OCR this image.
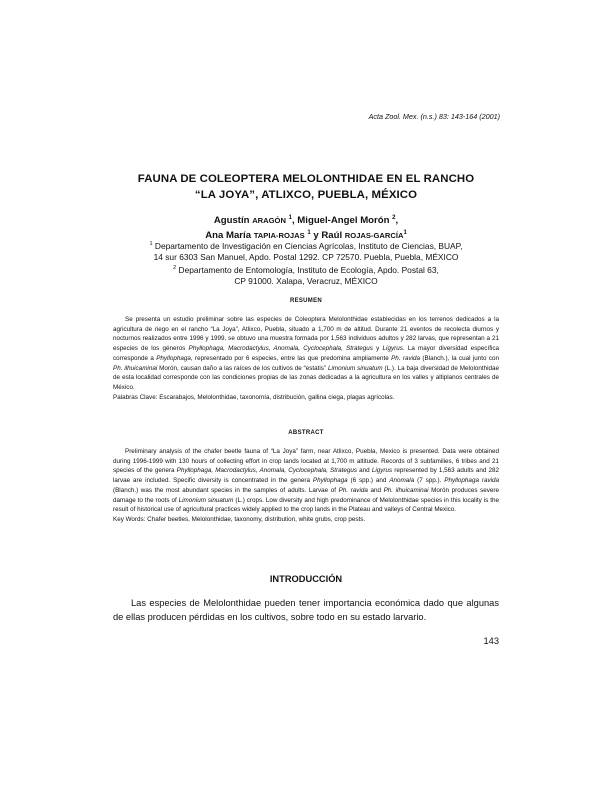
Acta Zool. Mex. (n.s.) 83: 143-164 (2001)
FAUNA DE COLEOPTERA MELOLONTHIDAE EN EL RANCHO
“LA JOYA”, ATLIXCO, PUEBLA, MÉXICO
Agustín ARAGÓN $^1$, Miguel-Angel Morón $^2$,
Ana María TAPIA-ROJAS $^1$ y Raúl ROJAS-GARCÍA$^1$
$^1$ Departamento de Investigación en Ciencias Agrícolas, Instituto de Ciencias, BUAP,
14 sur 6303 San Manuel, Apdo. Postal 1292. CP 72570. Puebla, Puebla, MÉXICO
$^2$ Departamento de Entomología, Instituto de Ecología, Apdo. Postal 63,
CP 91000. Xalapa, Veracruz, MÉXICO
RESUMEN

Se presenta un estudio preliminar sobre las especies de Coleoptera Melolonthidae establecidas en los terrenos dedicados a la agricultura de riego en el rancho “La Joya”, Atlixco, Puebla, situado a 1,700 m de altitud. Durante 21 eventos de recolecta diurnos y nocturnos realizados entre 1996 y 1999, se obtuvo una muestra formada por 1,563 individuos adultos y 282 larvas, que representan a 21 especies de los géneros Phyllophaga, Macrodactylus, Anomala, Cyclocephala, Strategus y Ligyrus. La mayor diversidad específica corresponde a Phyllophaga, representado por 6 especies, entre las que predomina ampliamente Ph. ravida (Blanch.), la cual junto con Ph. ilhuicaminai Morón, causan daño a las raíces de los cultivos de “estatis” Limonium sinuatum (L.). La baja diversidad de Melolonthidae de esta localidad corresponde con las condiciones propias de las zonas dedicadas a la agricultura en los valles y altiplanos centrales de México.

Palabras Clave: Escarabajos, Melolonthidae, taxonomía, distribución, gallina ciega, plagas agrícolas.

ABSTRACT

Preliminary analysis of the chafer beetle fauna of “La Joya” farm, near Atlixco, Puebla, Mexico is presented. Data were obtained during 1996-1999 with 130 hours of collecting effort in crop lands located at 1,700 m altitude. Records of 3 subfamilies, 6 tribes and 21 species of the genera Phyllophaga, Macrodactylus, Anomala, Cyclocephala, Strategus and Ligyrus represented by 1,563 adults and 282 larvae are included. Specific diversity is concentrated in the genera Phyllophaga (6 spp.) and Anomala (7 spp.). Phyllophaga ravida (Blanch.) was the most abundant species in the samples of adults. Larvae of Ph. ravida and Ph. ilhuicaminai Morón produces severe damage to the roots of Limonium sinuatum (L.) crops. Low diversity and high predominance of Melolonthidae species in this locality is the result of historical use of agricultural practices widely applied to the crop lands in the Plateau and valleys of Central Mexico.

Key Words: Chafer beetles, Melolonthidae, taxonomy, distribution, white grubs, crop pests.

INTRODUCCIÓN

Las especies de Melolonthidae pueden tener importancia económica dado que algunas de ellas producen pérdidas en los cultivos, sobre todo en su estado larvario.

143
